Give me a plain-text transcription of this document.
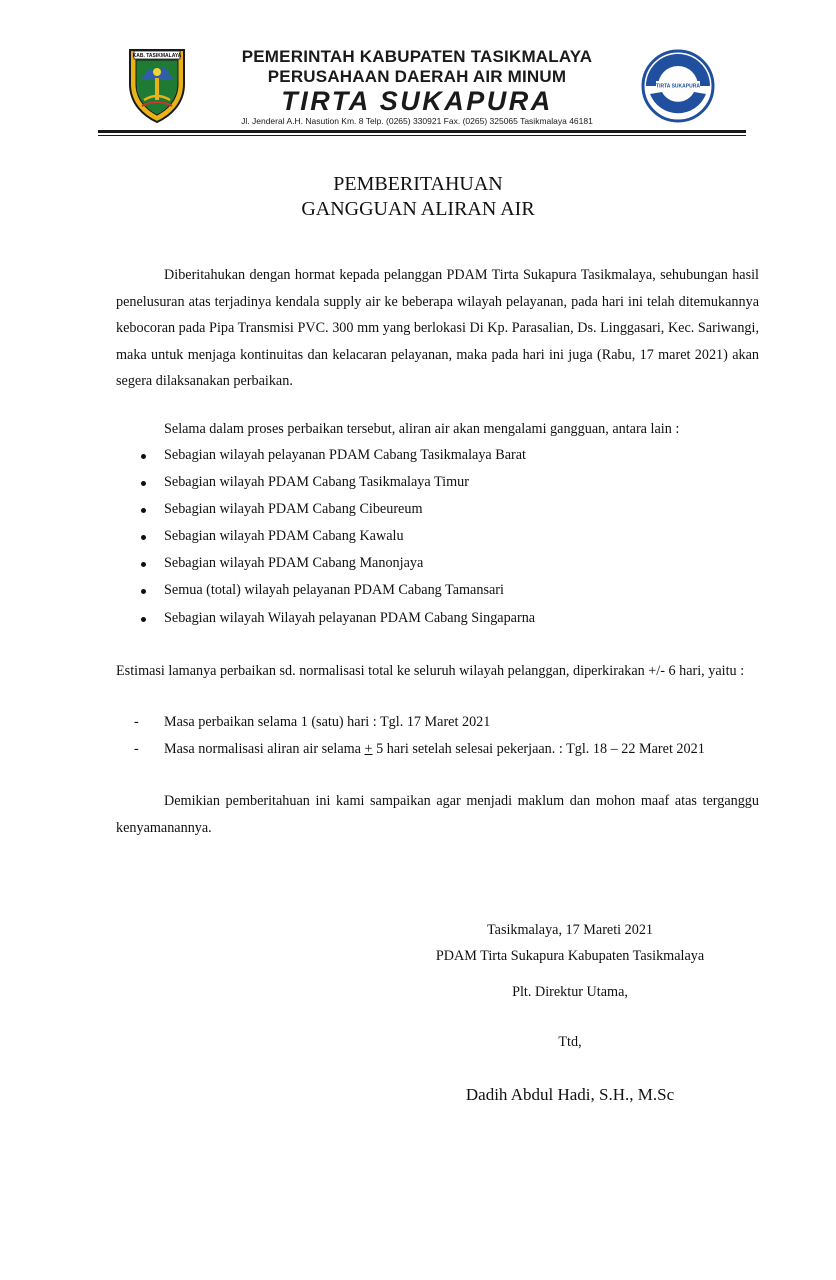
KAB. TASIKMALAYA	PEMERINTAH KABUPATEN TASIKMALAYA
PERUSAHAAN DAERAH AIR MINUM
TIRTA SUKAPURA
Jl. Jenderal A.H. Nasution Km. 8 Telp. (0265) 330921 Fax. (0265) 325065 Tasikmalaya 46181
TIRTA SUKAPURA
PEMBERITAHUAN
GANGGUAN ALIRAN AIR

Diberitahukan dengan hormat kepada pelanggan PDAM Tirta Sukapura Tasikmalaya, sehubungan hasil penelusuran atas terjadinya kendala supply air ke beberapa wilayah pelayanan, pada hari ini telah ditemukannya kebocoran pada Pipa Transmisi PVC. 300 mm yang berlokasi Di Kp. Parasalian, Ds. Linggasari, Kec. Sariwangi, maka untuk menjaga kontinuitas dan kelacaran pelayanan, maka pada hari ini juga (Rabu, 17 maret 2021) akan segera dilaksanakan perbaikan.

Selama dalam proses perbaikan tersebut, aliran air akan mengalami gangguan, antara lain :

Sebagian wilayah pelayanan PDAM Cabang Tasikmalaya Barat
Sebagian wilayah PDAM Cabang Tasikmalaya Timur
Sebagian wilayah PDAM Cabang Cibeureum
Sebagian wilayah PDAM Cabang Kawalu
Sebagian wilayah PDAM Cabang Manonjaya
Semua (total) wilayah pelayanan PDAM Cabang Tamansari
Sebagian wilayah Wilayah pelayanan PDAM Cabang Singaparna

Estimasi lamanya perbaikan sd. normalisasi total ke seluruh wilayah pelanggan, diperkirakan +/- 6 hari, yaitu :

- Masa perbaikan selama 1 (satu) hari : Tgl. 17 Maret 2021
- Masa normalisasi aliran air selama + 5 hari setelah selesai pekerjaan. : Tgl. 18 – 22 Maret 2021

Demikian pemberitahuan ini kami sampaikan agar menjadi maklum dan mohon maaf atas terganggu kenyamanannya.

Tasikmalaya, 17 Mareti 2021
PDAM Tirta Sukapura Kabupaten Tasikmalaya
Plt. Direktur Utama,
Ttd,
Dadih Abdul Hadi, S.H., M.Sc
